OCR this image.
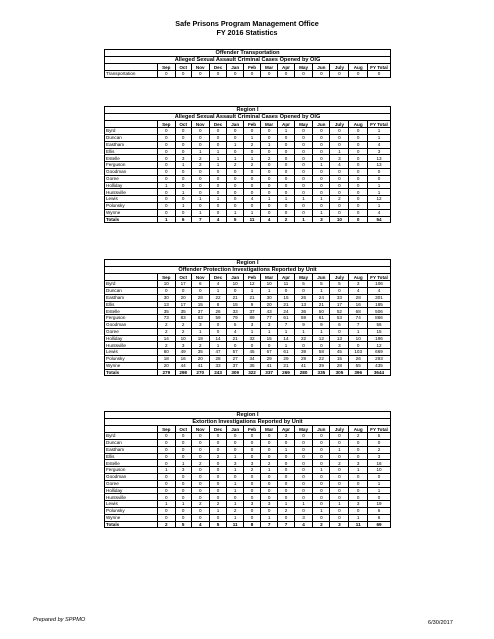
Safe Prisons Program Management Office
FY 2016 Statistics
Offender Transportation													
Alleged Sexual Assault Criminal Cases Opened by OIG													
	Sep	Oct	Nov	Dec	Jan	Feb	Mar	Apr	May	Jun	July	Aug	FY Total
Transportation	0	0	0	0	0	0	0	0	0	0	0	0	0
Region I													
Alleged Sexual Assault Criminal Cases Opened by OIG													
	Sep	Oct	Nov	Dec	Jan	Feb	Mar	Apr	May	Jun	July	Aug	FY Total
Byrd	0	0	0	0	0	0	0	1	0	0	0	0	1
Duncan	0	0	0	0	0	1	0	0	0	0	0	0	1
Eastham	0	0	0	0	1	2	1	0	0	0	0	0	4
Ellis	0	0	1	1	0	0	0	0	0	0	1	0	3
Estelle	0	3	2	1	1	1	2	0	0	0	3	0	13
Ferguson	0	1	2	1	2	2	0	0	0	1	4	0	13
Goodman	0	0	0	0	0	0	0	0	0	0	0	0	0
Goree	0	0	0	0	0	0	0	0	0	0	0	0	0
Holliday	1	0	0	0	0	0	0	0	0	0	0	0	1
Huntsville	0	1	0	0	0	0	0	0	0	0	0	0	1
Lewis	0	0	1	1	0	4	1	1	1	1	2	0	12
Polunsky	0	1	0	0	0	0	0	0	0	0	0	0	1
Wynne	0	0	1	0	1	1	0	0	0	1	0	0	4
Totals	1	6	7	4	5	11	4	2	1	3	10	0	54
Region I													
Offender Protection Investigations Reported by Unit													
	Sep	Oct	Nov	Dec	Jan	Feb	Mar	Apr	May	Jun	July	Aug	FY Total
Byrd	10	17	6	4	10	12	10	11	5	5	5	3	106
Duncan	0	0	0	1	0	1	1	0	0	1	0	4	4
Eastham	30	20	28	22	21	21	30	15	26	24	33	28	301
Ellis	13	17	15	8	15	9	20	21	13	21	17	16	185
Estelle	35	35	37	26	33	37	43	24	36	50	52	68	506
Ferguson	73	83	63	59	79	89	77	61	59	61	53	74	866
Goodman	2	2	3	0	5	3	3	7	9	9	6	7	56
Goree	2	2	1	0	4	1	1	1	1	1	0	1	15
Holliday	14	10	19	14	21	32	15	14	22	12	13	10	196
Huntsville	2	3	2	1	0	0	0	1	0	0	3	0	12
Lewis	60	49	35	47	57	45	67	61	39	58	45	103	669
Polunsky	18	16	20	28	27	34	29	29	29	22	15	26	293
Wynne	20	44	41	33	37	35	41	21	41	39	28	55	435
Totals	279	298	270	243	309	322	337	269	280	335	305	396	3644
Region I													
Extortion Investigations Reported by Unit													
	Sep	Oct	Nov	Dec	Jan	Feb	Mar	Apr	May	Jun	July	Aug	FY Total
Byrd	0	0	0	0	0	0	0	3	0	0	0	2	5
Duncan	0	0	0	0	0	0	0	0	0	0	0	0	0
Eastham	0	0	0	0	0	0	0	1	0	0	1	0	2
Ellis	0	0	0	2	1	0	0	0	0	0	0	0	3
Estelle	0	1	2	0	3	3	2	0	0	0	2	3	16
Ferguson	1	3	0	0	1	2	1	0	0	1	0	1	10
Goodman	0	0	0	0	0	0	0	0	0	0	0	0	0
Goree	0	0	0	0	1	0	0	0	0	0	0	0	1
Holliday	0	0	0	0	1	0	0	0	0	0	0	0	1
Huntsville	0	0	0	0	0	0	0	0	0	0	0	0	0
Lewis	1	1	2	2	1	3	3	1	1	0	1	3	19
Polunsky	0	0	0	1	2	0	0	2	0	1	0	0	6
Wynne	0	0	0	0	1	0	1	0	3	0	0	1	6
Totals	2	5	4	5	11	8	7	7	4	2	3	11	69
Prepared by SPPMO	6/30/2017
